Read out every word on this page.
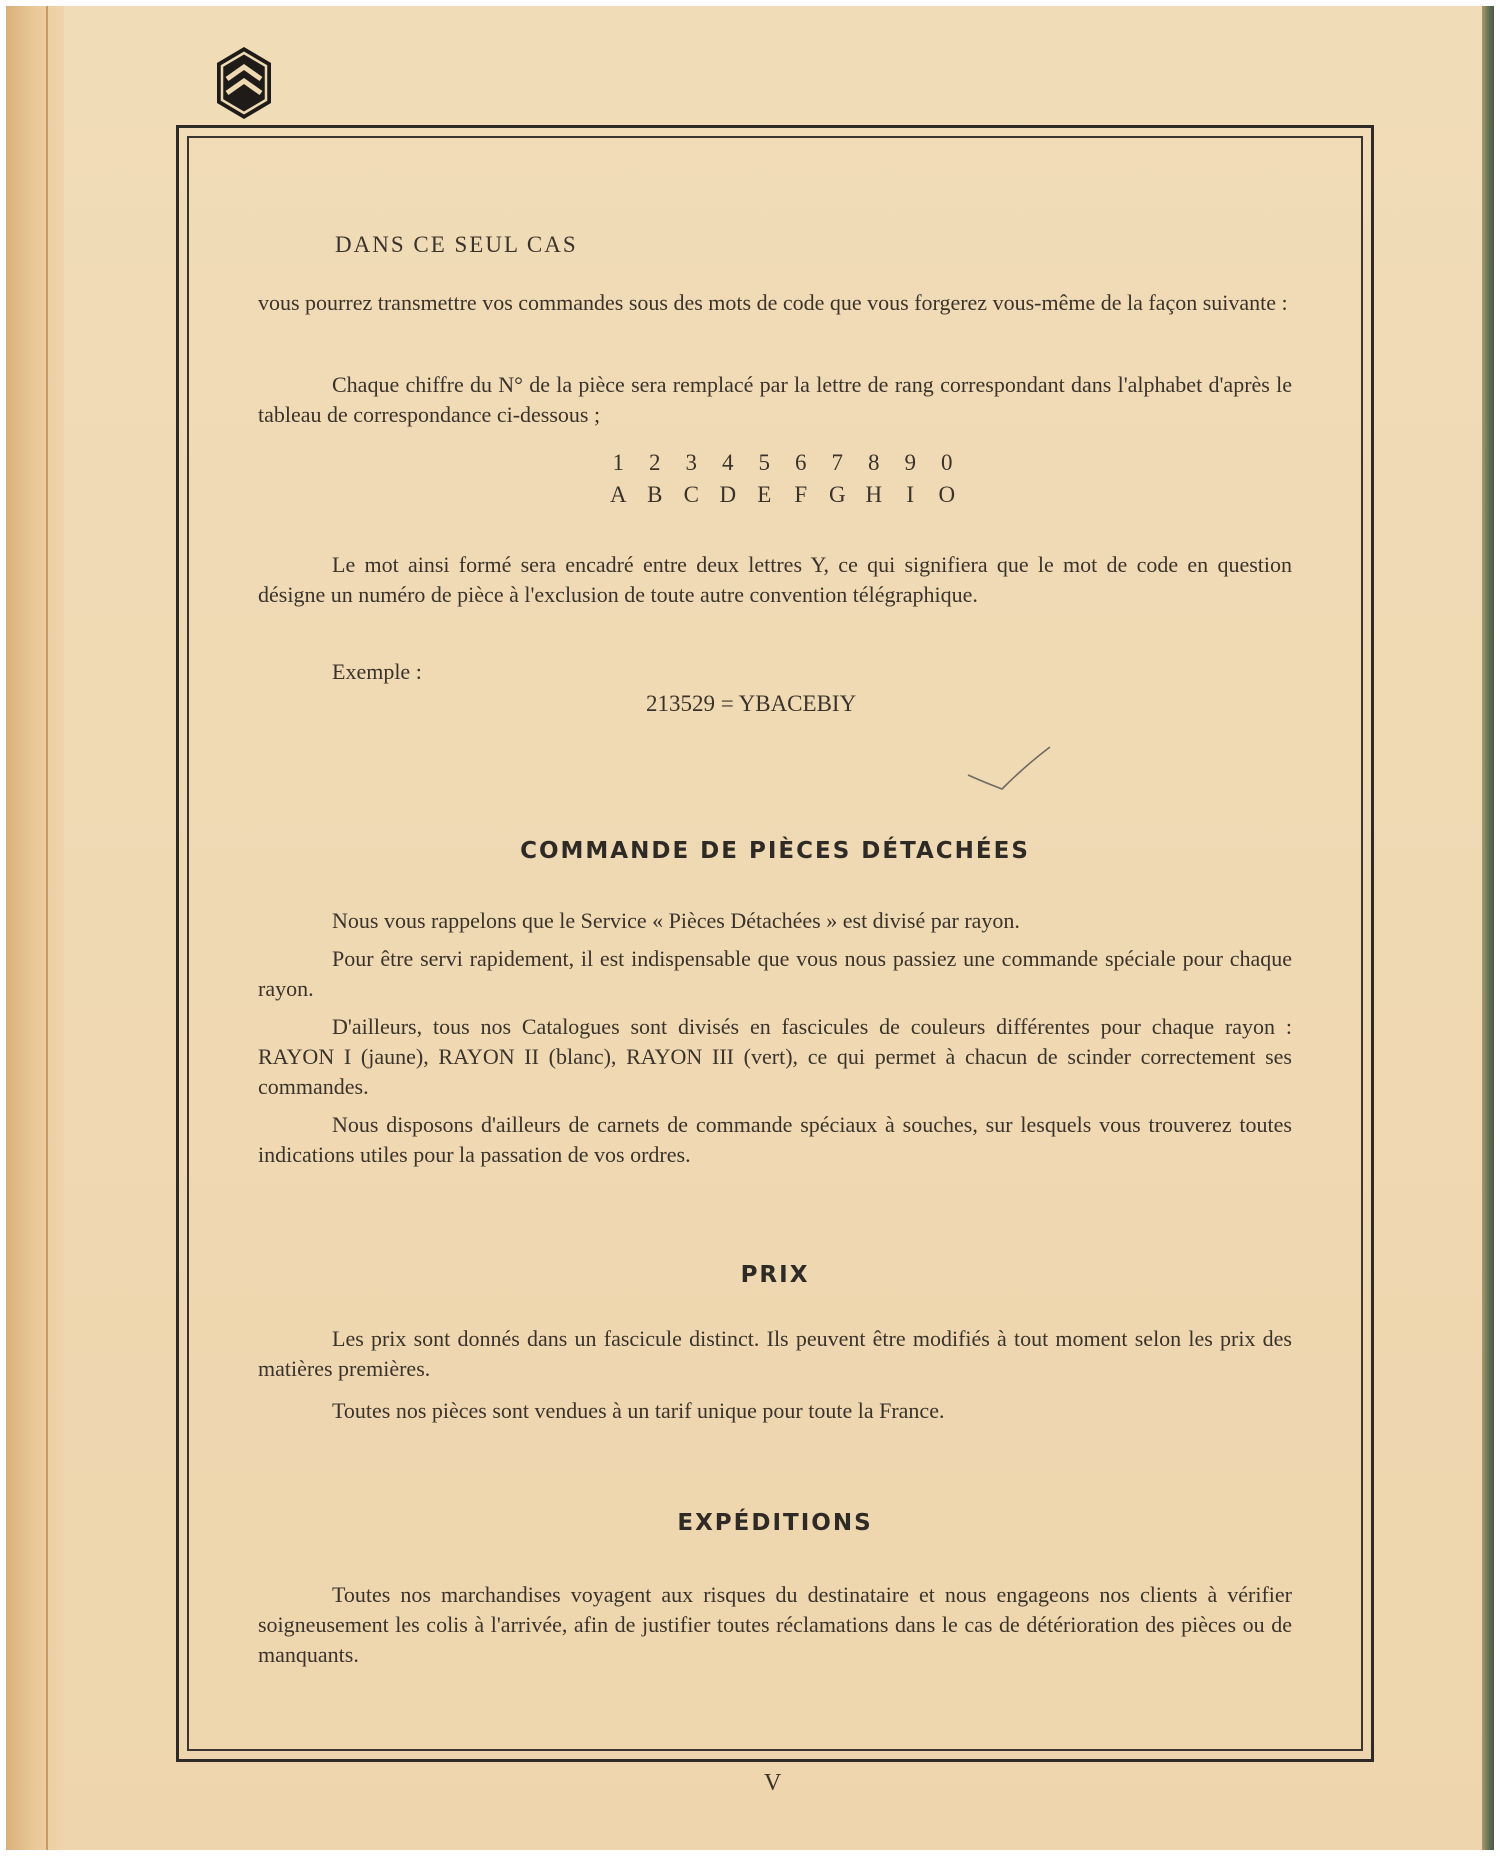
DANS CE SEUL CAS

vous pourrez transmettre vos commandes sous des mots de code que vous forgerez vous-même de la façon suivante :

Chaque chiffre du N° de la pièce sera remplacé par la lettre de rang correspondant dans l'alphabet d'après le tableau de correspondance ci-dessous ;

1 2 3 4 5 6 7 8 9 0
A B C D E F G H I O

Le mot ainsi formé sera encadré entre deux lettres Y, ce qui signifiera que le mot de code en question désigne un numéro de pièce à l'exclusion de toute autre convention télégraphique.

Exemple :
213529 = YBACEBIY
COMMANDE DE PIÈCES DÉTACHÉES

Nous vous rappelons que le Service « Pièces Détachées » est divisé par rayon.

Pour être servi rapidement, il est indispensable que vous nous passiez une commande spéciale pour chaque rayon.

D'ailleurs, tous nos Catalogues sont divisés en fascicules de couleurs différentes pour chaque rayon : RAYON I (jaune), RAYON II (blanc), RAYON III (vert), ce qui permet à chacun de scinder correctement ses commandes.

Nous disposons d'ailleurs de carnets de commande spéciaux à souches, sur lesquels vous trouverez toutes indications utiles pour la passation de vos ordres.

PRIX

Les prix sont donnés dans un fascicule distinct. Ils peuvent être modifiés à tout moment selon les prix des matières premières.

Toutes nos pièces sont vendues à un tarif unique pour toute la France.

EXPÉDITIONS

Toutes nos marchandises voyagent aux risques du destinataire et nous engageons nos clients à vérifier soigneusement les colis à l'arrivée, afin de justifier toutes réclamations dans le cas de détérioration des pièces ou de manquants.

V
